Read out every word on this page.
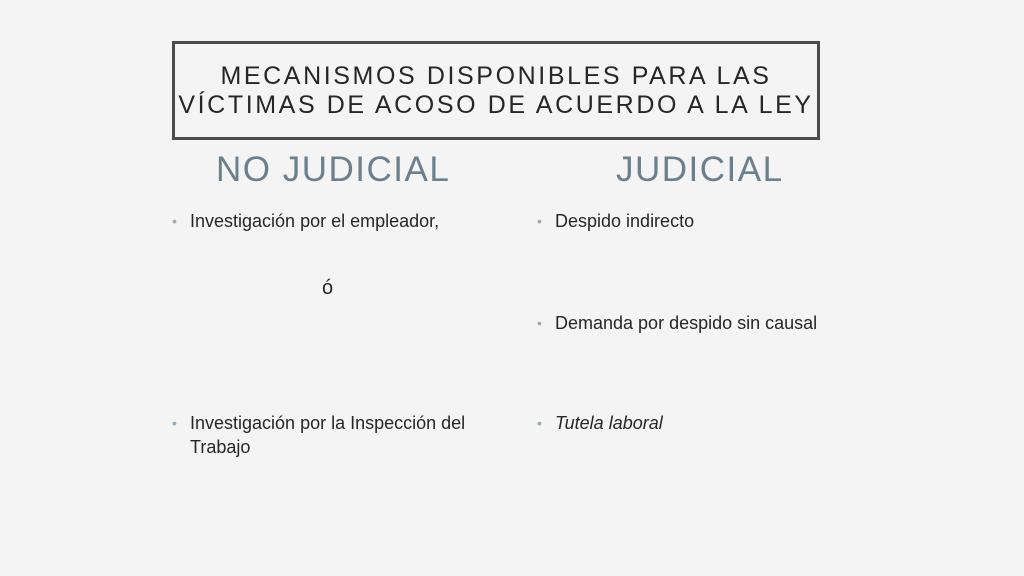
MECANISMOS DISPONIBLES PARA LAS
VÍCTIMAS DE ACOSO DE ACUERDO A LA LEY
NO JUDICIAL	JUDICIAL
• Investigación por el empleador,
ó
• Investigación por la Inspección del Trabajo
• Despido indirecto
• Demanda por despido sin causal
• Tutela laboral
